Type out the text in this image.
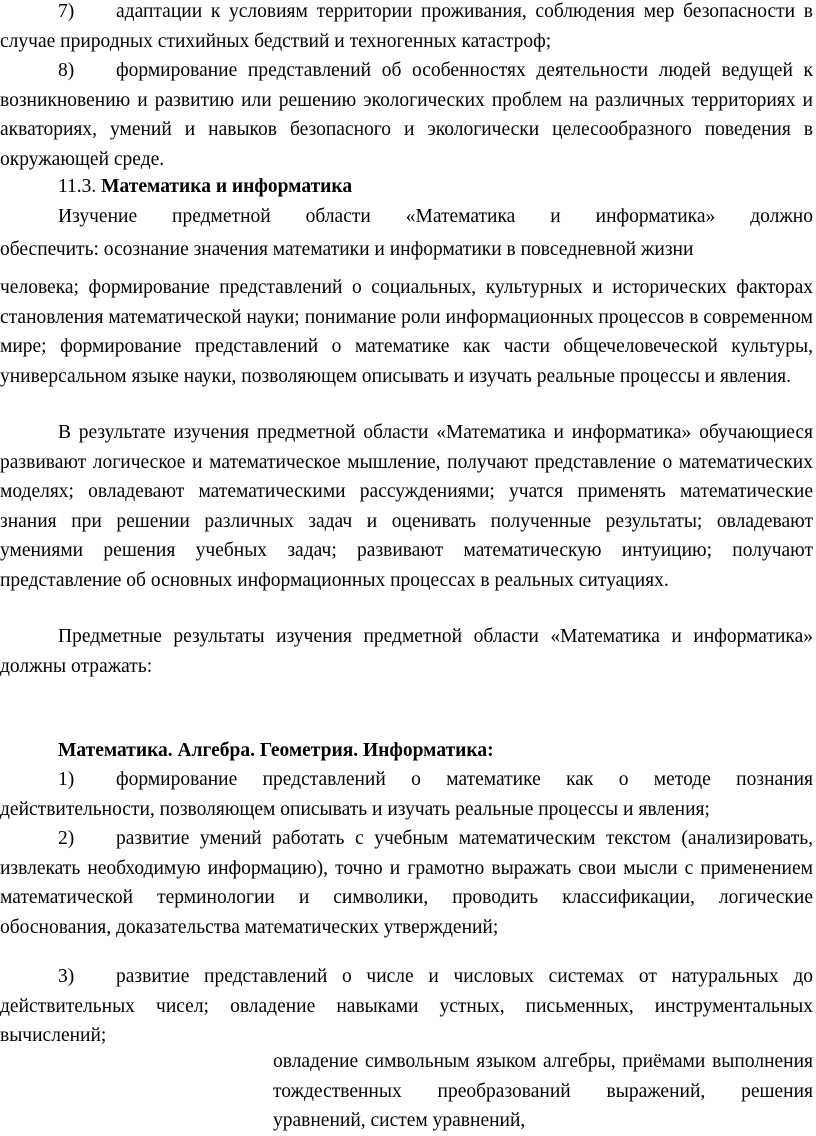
7) адаптации к условиям территории проживания, соблюдения мер безопасности в случае природных стихийных бедствий и техногенных катастроф;

8) формирование представлений об особенностях деятельности людей ведущей к возникновению и развитию или решению экологических проблем на различных территориях и акваториях, умений и навыков безопасного и экологически целесообразного поведения в окружающей среде.

11.3. Математика и информатика

Изучение предметной области «Математика и информатика» должно

обеспечить: осознание значения математики и информатики в повседневной жизни

человека; формирование представлений о социальных, культурных и исторических факторах становления математической науки; понимание роли информационных процессов в современном мире; формирование представлений о математике как части общечеловеческой культуры, универсальном языке науки, позволяющем описывать и изучать реальные процессы и явления.

В результате изучения предметной области «Математика и информатика» обучающиеся развивают логическое и математическое мышление, получают представление о математических моделях; овладевают математическими рассуждениями; учатся применять математические знания при решении различных задач и оценивать полученные результаты; овладевают умениями решения учебных задач; развивают математическую интуицию; получают представление об основных информационных процессах в реальных ситуациях.

Предметные результаты изучения предметной области «Математика и информатика» должны отражать:

Математика. Алгебра. Геометрия. Информатика:

1) формирование представлений о математике как о методе познания действительности, позволяющем описывать и изучать реальные процессы и явления;

2) развитие умений работать с учебным математическим текстом (анализировать, извлекать необходимую информацию), точно и грамотно выражать свои мысли с применением математической терминологии и символики, проводить классификации, логические обоснования, доказательства математических утверждений;

3) развитие представлений о числе и числовых системах от натуральных до действительных чисел; овладение навыками устных, письменных, инструментальных вычислений;

овладение символьным языком алгебры, приёмами выполнения тождественных преобразований выражений, решения уравнений, систем уравнений,
